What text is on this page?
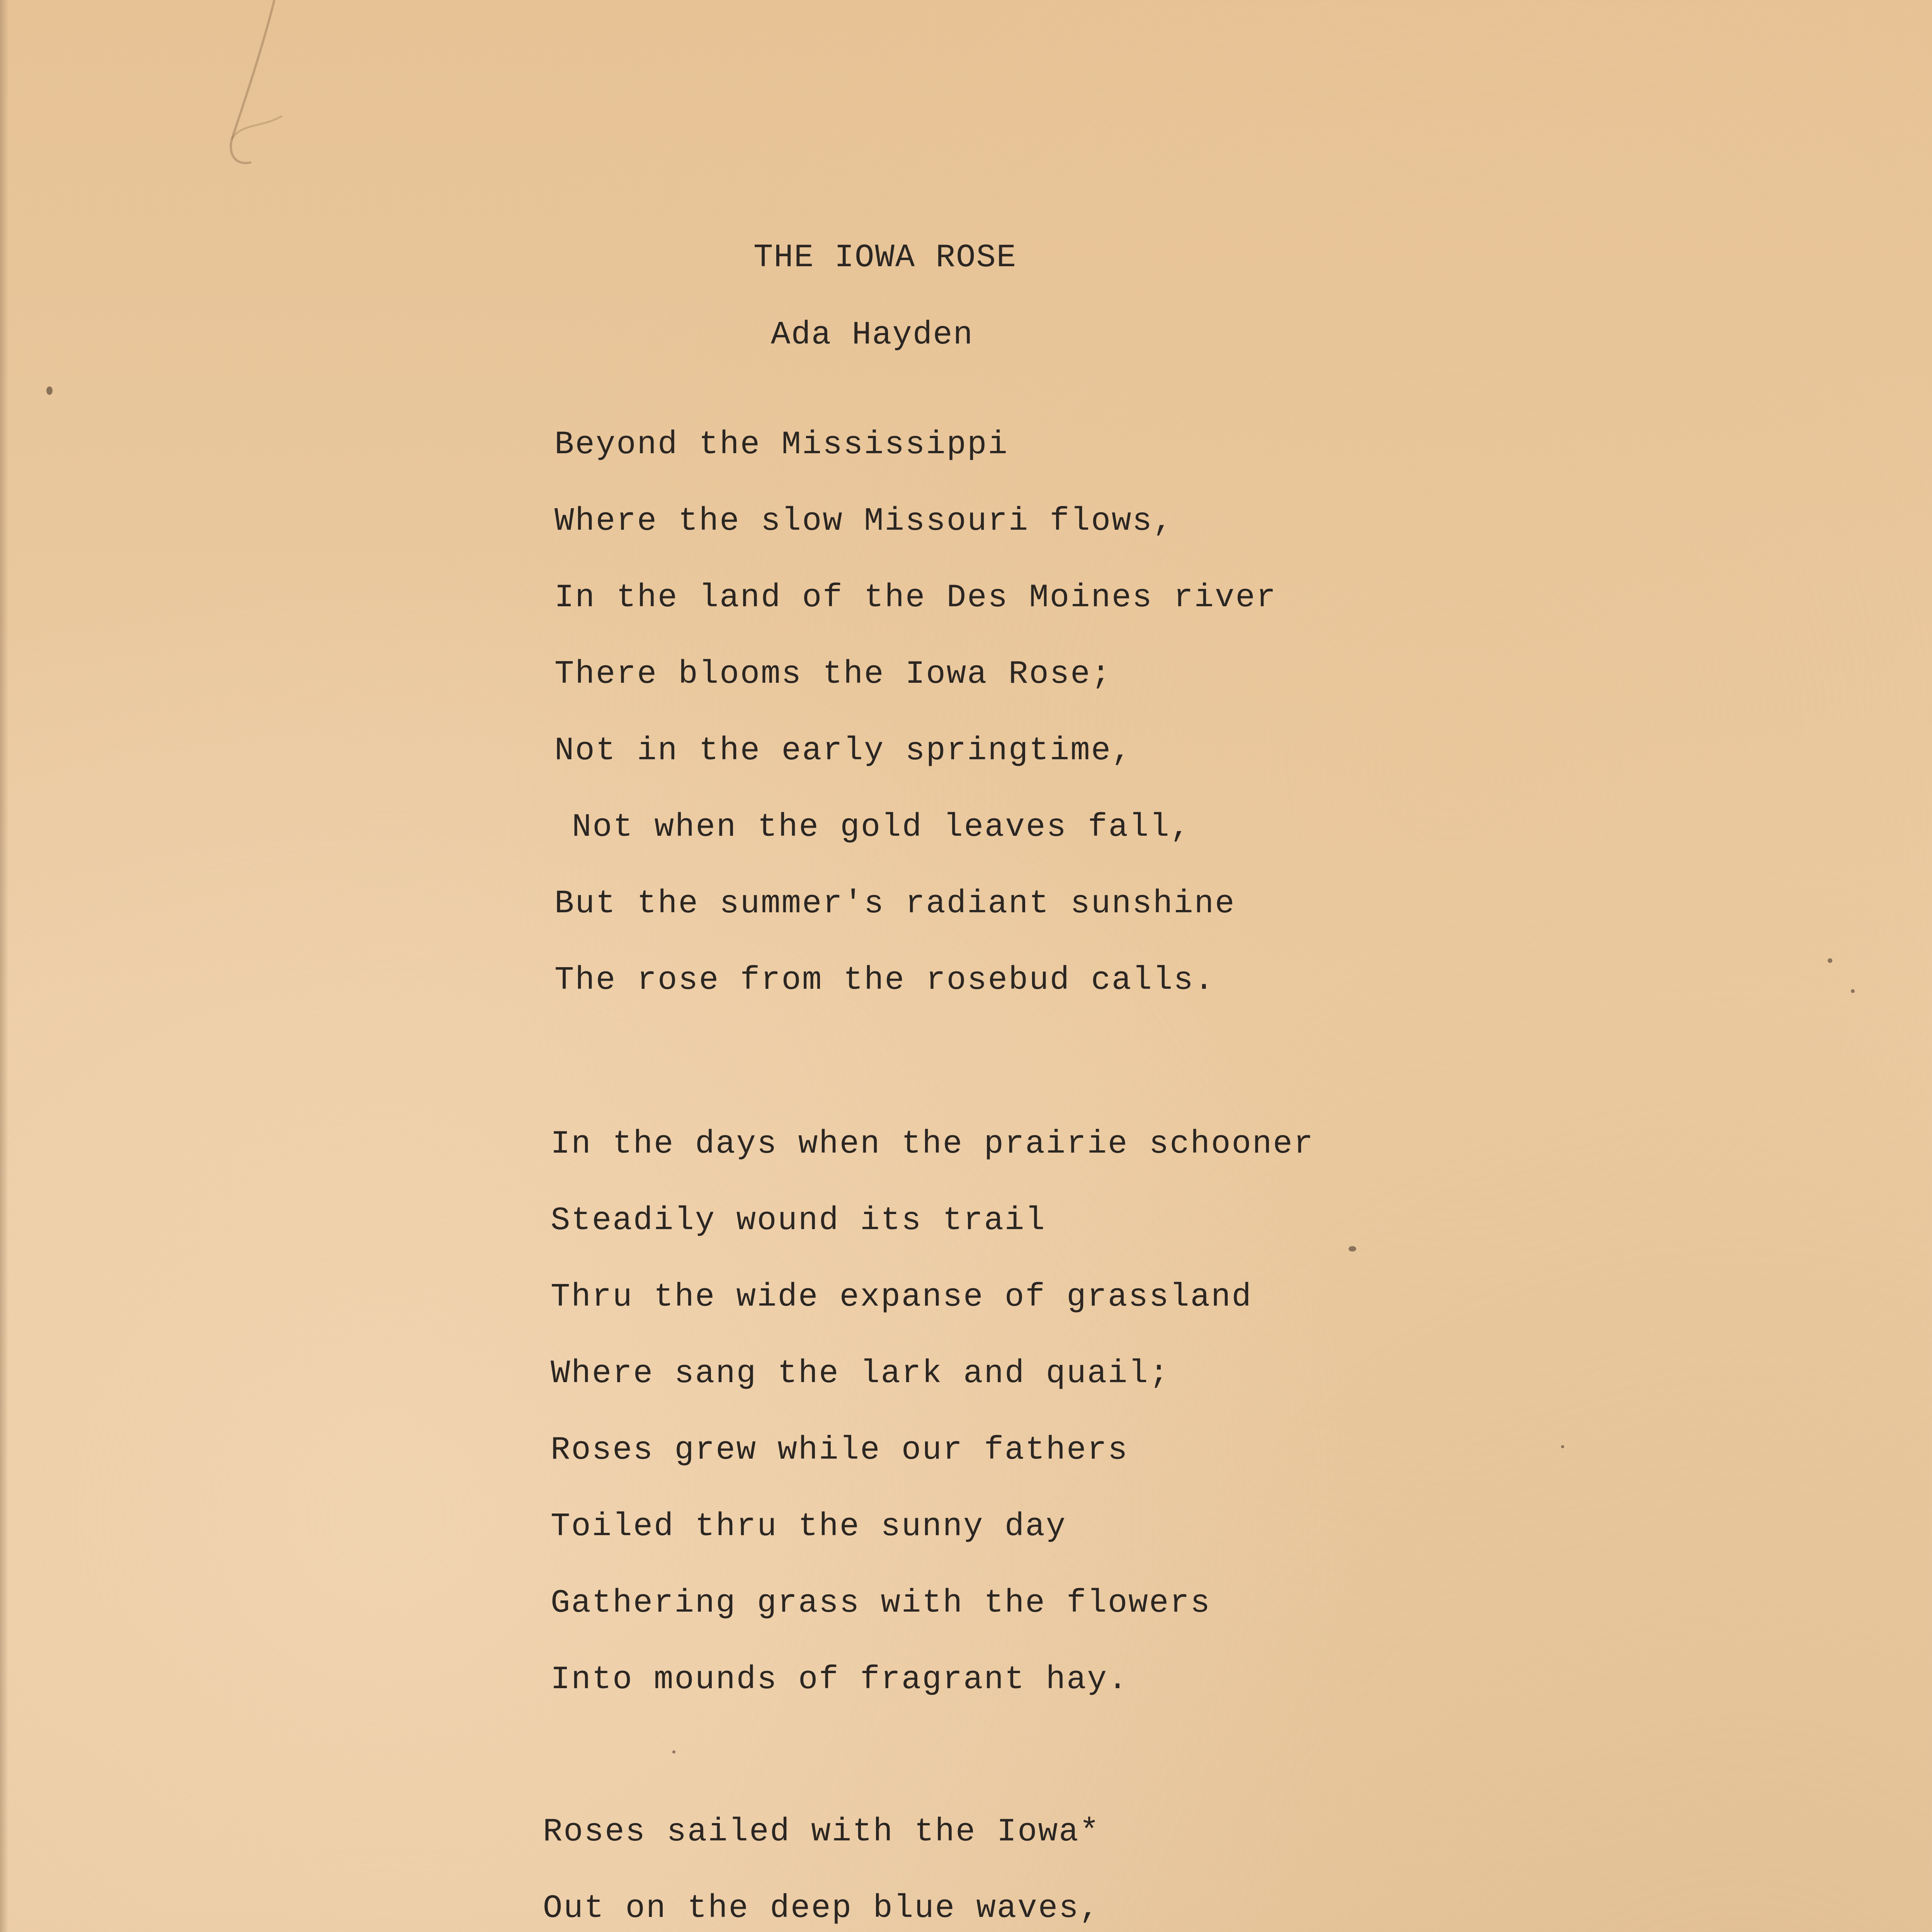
THE IOWA ROSE
Ada Hayden
Beyond the Mississippi
Where the slow Missouri flows,
In the land of the Des Moines river
There blooms the Iowa Rose;
Not in the early springtime,
Not when the gold leaves fall,
But the summer's radiant sunshine
The rose from the rosebud calls.
In the days when the prairie schooner
Steadily wound its trail
Thru the wide expanse of grassland
Where sang the lark and quail;
Roses grew while our fathers
Toiled thru the sunny day
Gathering grass with the flowers
Into mounds of fragrant hay.
Roses sailed with the Iowa*
Out on the deep blue waves,
